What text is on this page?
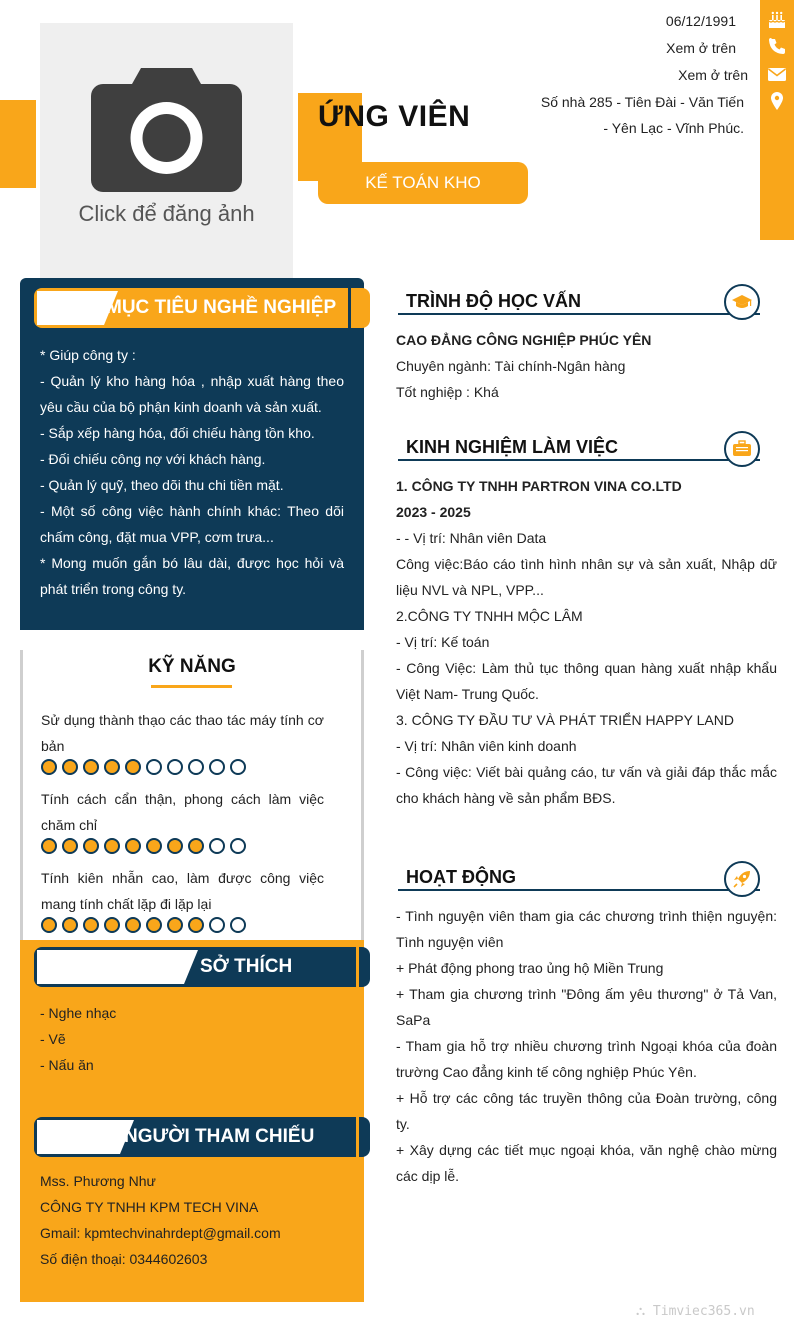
Click để đăng ảnh
ỨNG VIÊN
KẾ TOÁN KHO
06/12/1991
Xem ở trên
Xem ở trên
Số nhà 285 - Tiên Đài - Văn Tiến
- Yên Lạc - Vĩnh Phúc.
MỤC TIÊU NGHỀ NGHIỆP
* Giúp công ty :
- Quản lý kho hàng hóa , nhập xuất hàng theo yêu cầu của bộ phận kinh doanh và sản xuất.
- Sắp xếp hàng hóa, đối chiếu hàng tồn kho.
- Đối chiếu công nợ với khách hàng.
- Quản lý quỹ, theo dõi thu chi tiền mặt.
- Một số công việc hành chính khác: Theo dõi chấm công, đặt mua VPP, cơm trưa...
* Mong muốn gắn bó lâu dài, được học hỏi và phát triển trong công ty.
KỸ NĂNG
Sử dụng thành thạo các thao tác máy tính cơ bản
Tính cách cẩn thận, phong cách làm việc chăm chỉ
Tính kiên nhẫn cao, làm được công việc mang tính chất lặp đi lặp lại
SỞ THÍCH
NGƯỜI THAM CHIẾU
- Nghe nhạc
- Vẽ
- Nấu ăn
Mss. Phương Như
CÔNG TY TNHH KPM TECH VINA
Gmail: kpmtechvinahrdept@gmail.com
Số điện thoại: 0344602603
TRÌNH ĐỘ HỌC VẤN
CAO ĐẲNG CÔNG NGHIỆP PHÚC YÊN
Chuyên ngành: Tài chính-Ngân hàng
Tốt nghiệp : Khá
KINH NGHIỆM LÀM VIỆC
1. CÔNG TY TNHH PARTRON VINA CO.LTD
2023 - 2025
- - Vị trí: Nhân viên Data
Công việc:Báo cáo tình hình nhân sự và sản xuất, Nhập dữ liệu NVL và NPL, VPP...
2.CÔNG TY TNHH MỘC LÂM
- Vị trí: Kế toán
- Công Việc: Làm thủ tục thông quan hàng xuất nhập khẩu Việt Nam- Trung Quốc.
3. CÔNG TY ĐẦU TƯ VÀ PHÁT TRIỂN HAPPY LAND
- Vị trí: Nhân viên kinh doanh
- Công việc: Viết bài quảng cáo, tư vấn và giải đáp thắc mắc cho khách hàng về sản phẩm BĐS.
HOẠT ĐỘNG
- Tình nguyện viên tham gia các chương trình thiện nguyện: Tình nguyện viên
+ Phát động phong trao ủng hộ Miền Trung
+ Tham gia chương trình "Đông ấm yêu thương" ở Tả Van, SaPa
- Tham gia hỗ trợ nhiều chương trình Ngoại khóa của đoàn trường Cao đẳng kinh tế công nghiệp Phúc Yên.
+ Hỗ trợ các công tác truyền thông của Đoàn trường, công ty.
+ Xây dựng các tiết mục ngoại khóa, văn nghệ chào mừng các dịp lễ.
⛬ Timviec365.vn
